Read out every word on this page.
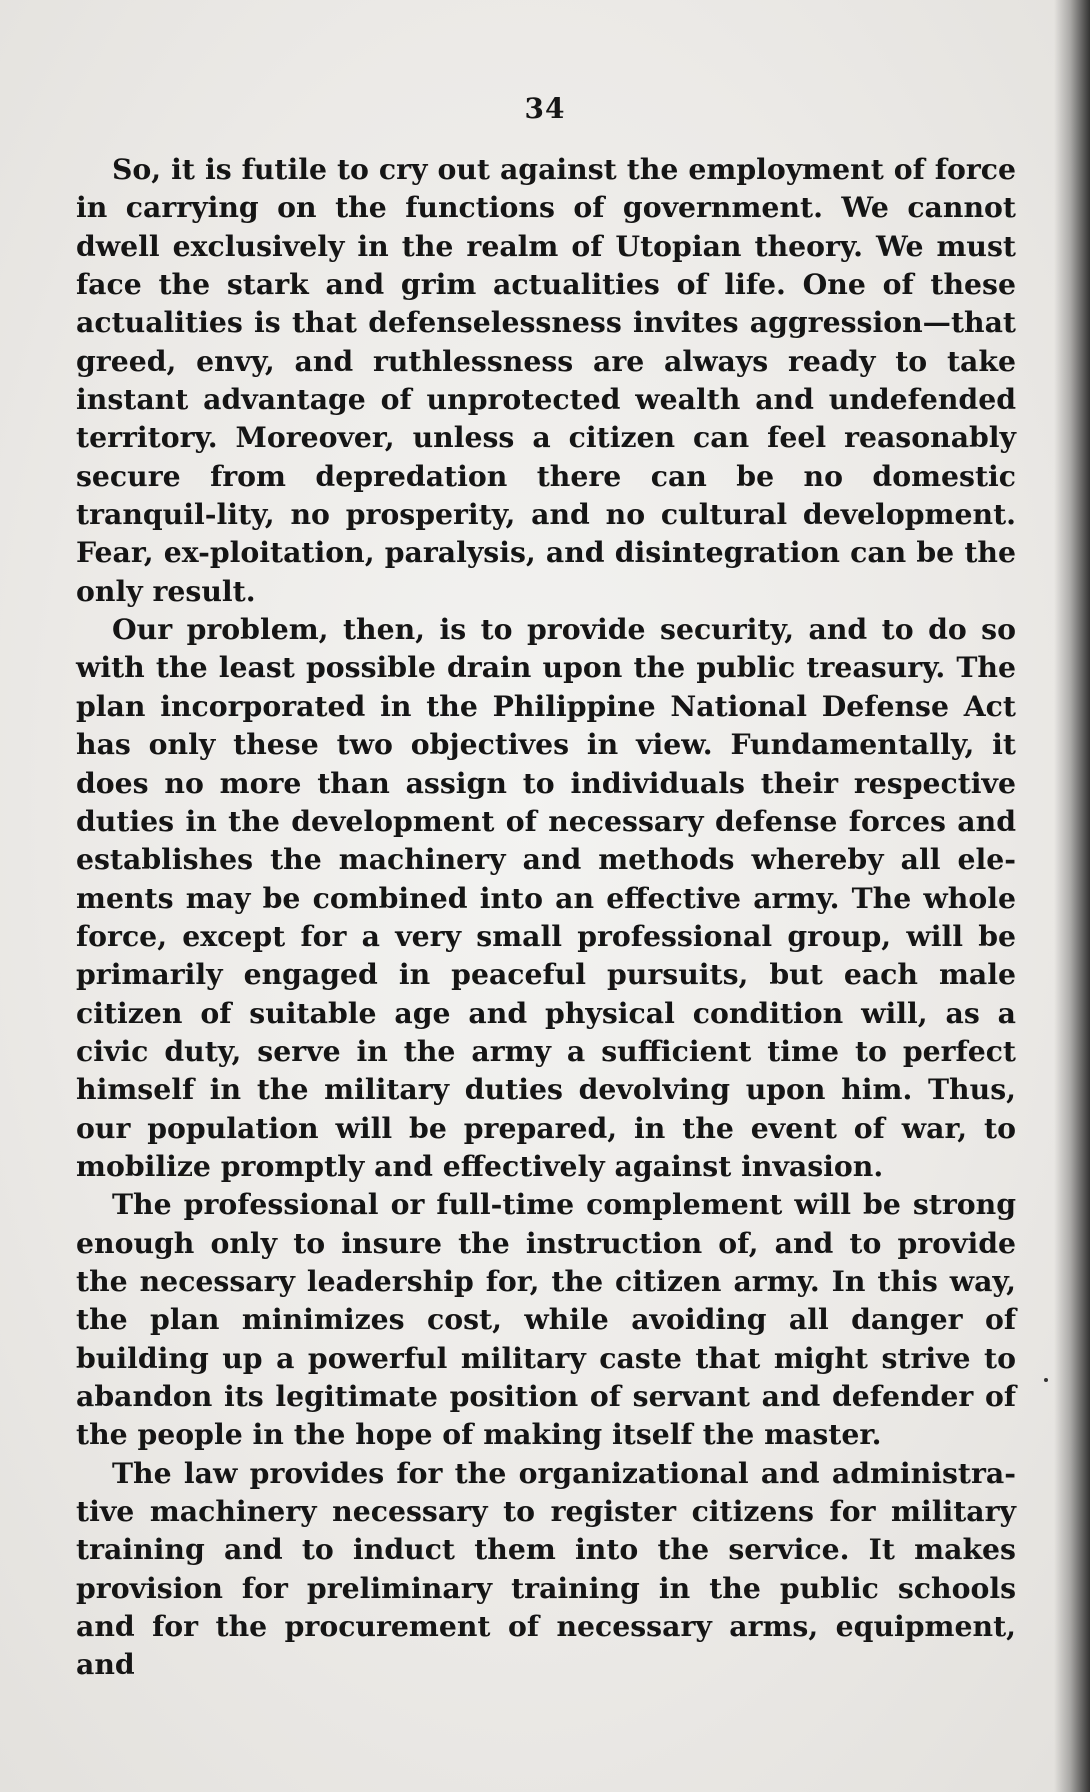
34

So, it is futile to cry out against the employment of force in carrying on the functions of government. We cannot dwell exclusively in the realm of Utopian theory. We must face the stark and grim actualities of life. One of these actualities is that defenselessness invites aggression—that greed, envy, and ruthlessness are always ready to take instant advantage of unprotected wealth and undefended territory. Moreover, unless a citizen can feel reasonably secure from depredation there can be no domestic tranquil-lity, no prosperity, and no cultural development. Fear, ex-ploitation, paralysis, and disintegration can be the only result.

Our problem, then, is to provide security, and to do so with the least possible drain upon the public treasury. The plan incorporated in the Philippine National Defense Act has only these two objectives in view. Fundamentally, it does no more than assign to individuals their respective duties in the development of necessary defense forces and establishes the machinery and methods whereby all ele-ments may be combined into an effective army. The whole force, except for a very small professional group, will be primarily engaged in peaceful pursuits, but each male citizen of suitable age and physical condition will, as a civic duty, serve in the army a sufficient time to perfect himself in the military duties devolving upon him. Thus, our population will be prepared, in the event of war, to mobilize promptly and effectively against invasion.

The professional or full-time complement will be strong enough only to insure the instruction of, and to provide the necessary leadership for, the citizen army. In this way, the plan minimizes cost, while avoiding all danger of building up a powerful military caste that might strive to abandon its legitimate position of servant and defender of the people in the hope of making itself the master.

The law provides for the organizational and administra-tive machinery necessary to register citizens for military training and to induct them into the service. It makes provision for preliminary training in the public schools and for the procurement of necessary arms, equipment, and
